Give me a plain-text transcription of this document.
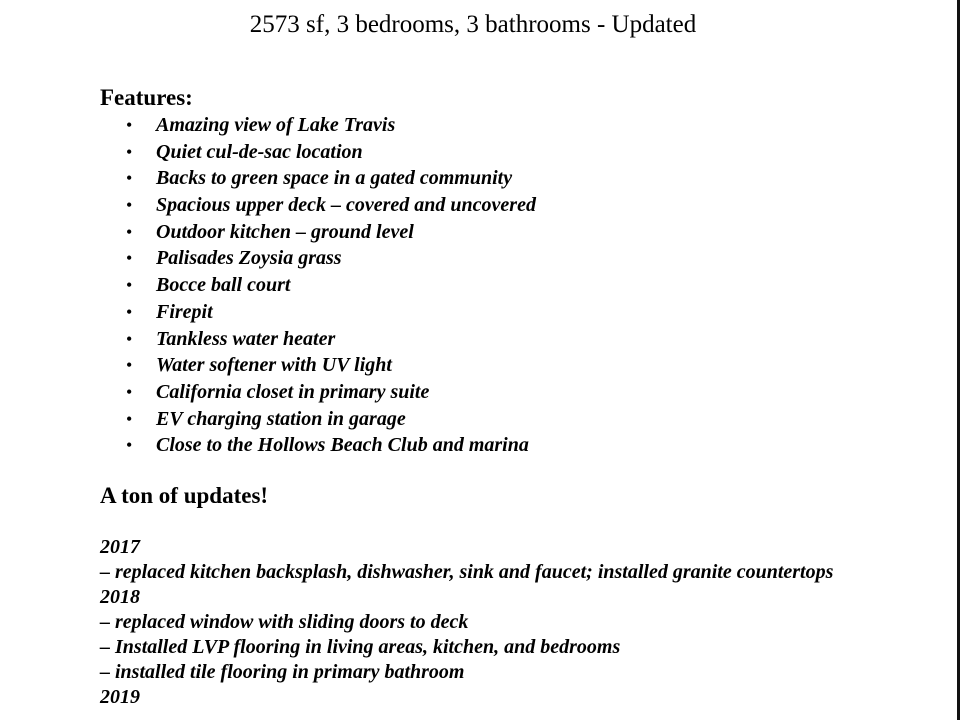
2573 sf, 3 bedrooms, 3 bathrooms - Updated
Features:
• Amazing view of Lake Travis
• Quiet cul-de-sac location
• Backs to green space in a gated community
• Spacious upper deck – covered and uncovered
• Outdoor kitchen – ground level
• Palisades Zoysia grass
• Bocce ball court
• Firepit
• Tankless water heater
• Water softener with UV light
• California closet in primary suite
• EV charging station in garage
• Close to the Hollows Beach Club and marina
A ton of updates!
2017
– replaced kitchen backsplash, dishwasher, sink and faucet; installed granite countertops
2018
– replaced window with sliding doors to deck
– Installed LVP flooring in living areas, kitchen, and bedrooms
– installed tile flooring in primary bathroom
2019
